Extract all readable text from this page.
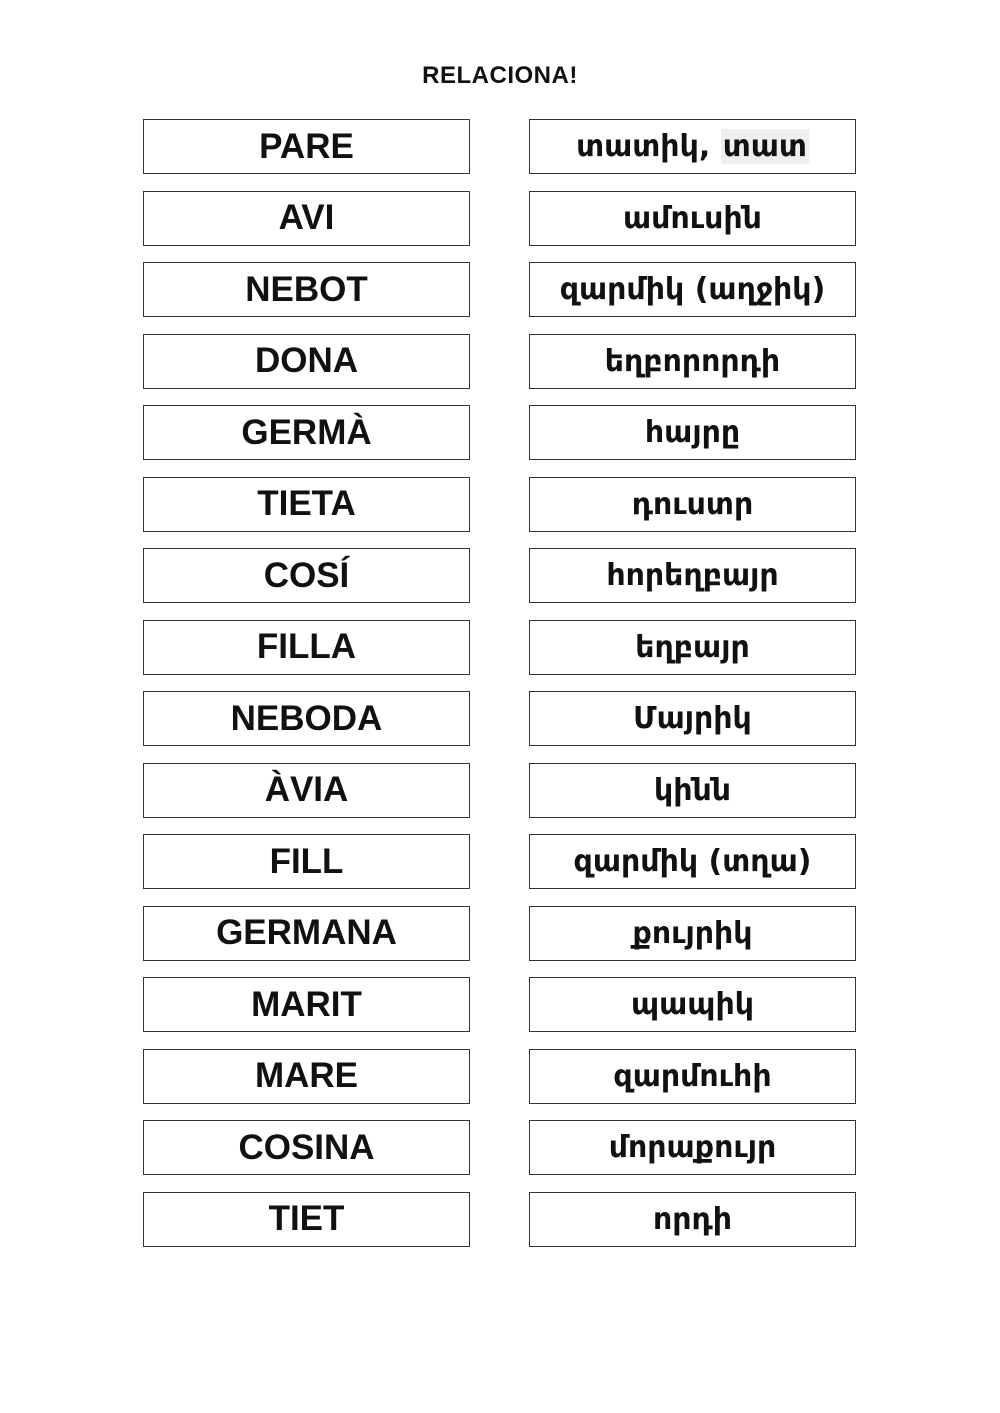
RELACIONA!
PARE
AVI
NEBOT
DONA
GERMÀ
TIETA
COSÍ
FILLA
NEBODA
ÀVIA
FILL
GERMANA
MARIT
MARE
COSINA
TIET
տատիկ,
տատ
ամուսին
զարմիկ (աղջիկ)
եղբորորդի
հայրը
դուստր
հորեղբայր
եղբայր
Մայրիկ
կինն
զարմիկ (տղա)
քույրիկ
պապիկ
զարմուհի
մորաքույր
որդի
